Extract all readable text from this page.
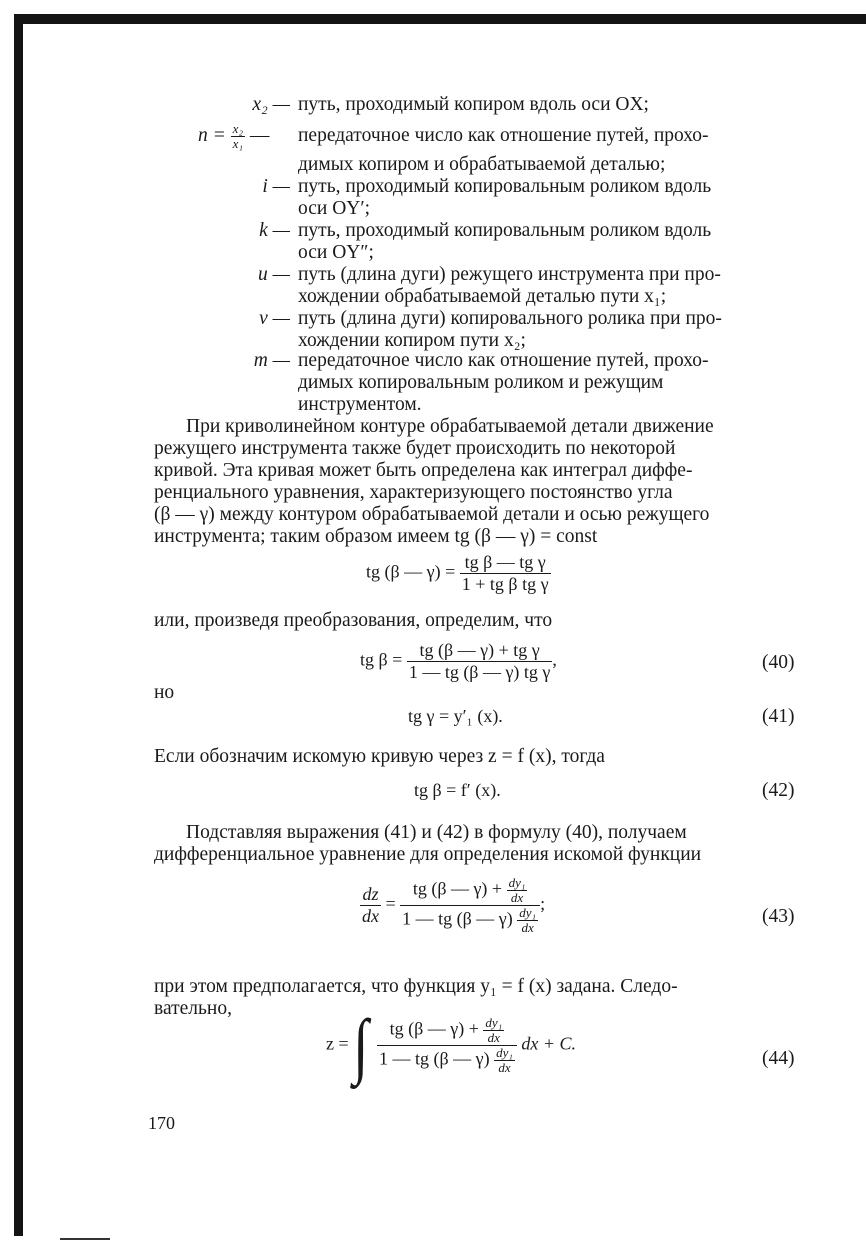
x₂ — путь, проходимый копиром вдоль оси OX;
$n = \frac{\text{x₂}}{\text{x₁}}$ — передаточное число как отношение путей, прохо-
димых копиром и обрабатываемой деталью;
i — путь, проходимый копировальным роликом вдоль
оси OY′;
k — путь, проходимый копировальным роликом вдоль
оси OY″;
u — путь (длина дуги) режущего инструмента при про-
хождении обрабатываемой деталью пути x₁;
v — путь (длина дуги) копировального ролика при про-
хождении копиром пути x₂;
m — передаточное число как отношение путей, прохо-
димых копировальным роликом и режущим
инструментом.
При криволинейном контуре обрабатываемой детали движение
режущего инструмента также будет происходить по некоторой
кривой. Эта кривая может быть определена как интеграл диффе-
ренциального уравнения, характеризующего постоянство угла
(β — γ) между контуром обрабатываемой детали и осью режущего
инструмента; таким образом имеем tg (β — γ) = const
tg (β — $\gamma) = \frac{\text{tg β — tg γ}}{\text{1 + tg β tg γ}}$
или, произведя преобразования, определим, что
tg $\beta = \frac{\text{tg (β — γ) + tg γ}}{\text{1 — tg (β — γ) tg γ}}$ ,	(40)
но
tg γ = y′₁ (x).	(41)
Если обозначим искомую кривую через z = f (x), тогда
tg β = f′ (x).	(42)
Подставляя выражения (41) и (42) в формулу (40), получаем
дифференциальное уравнение для определения искомой функции
$\frac{dz}{dx} = \frac{tg (\beta — \gamma) + \frac{\text{dy₁}}{dx}}{1 — tg (\beta — \gamma) \frac{\text{dy₁}}{dx}}$ ;
(43)
при этом предполагается, что функция y₁ = f (x) задана. Следо-
вательно,
z = ∫ $\frac{tg (\beta — \gamma) + \frac{\text{dy₁}}{dx}}{1 — tg (\beta — \gamma) \frac{\text{dy₁}}{dx}}$ dx + C.
(44)
170
